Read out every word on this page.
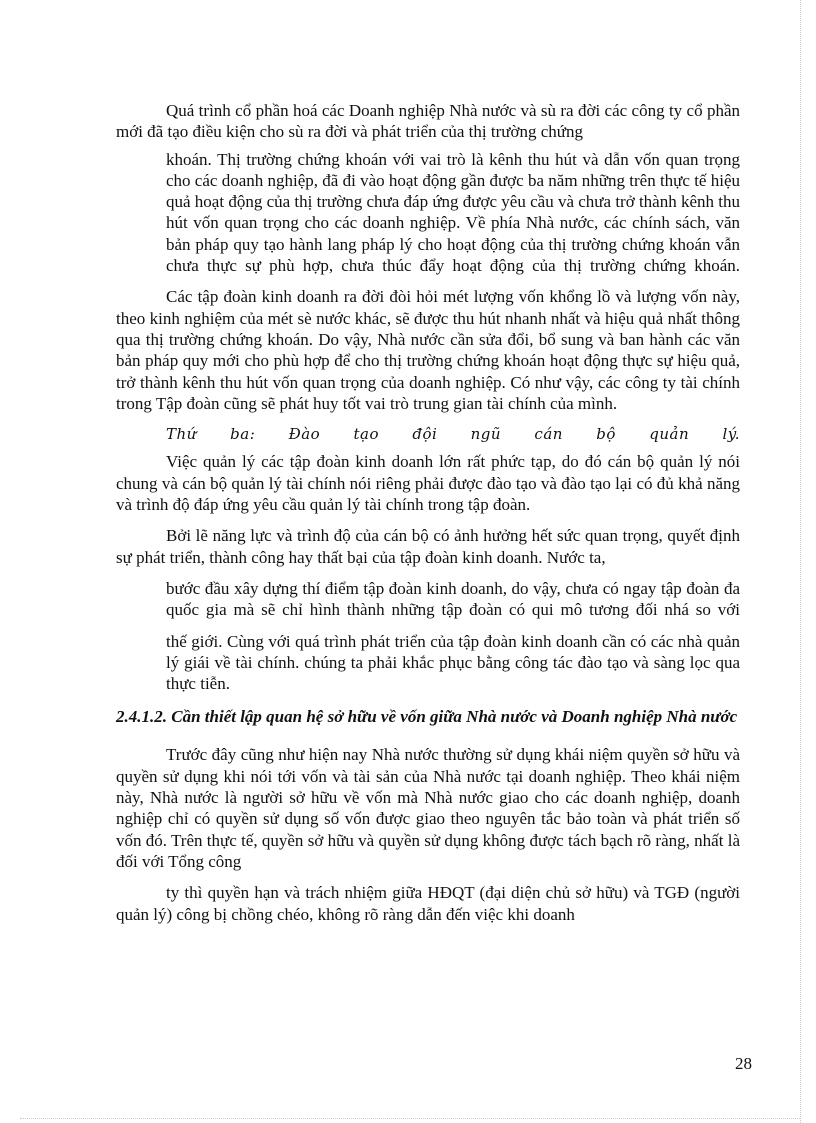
Quá trình cổ phần hoá các Doanh nghiệp Nhà nước và sù ra đời các công ty cổ phần mới đã tạo điều kiện cho sù ra đời và phát triển của thị trường chứng

khoán. Thị trường chứng khoán với vai trò là kênh thu hút và dẫn vốn quan trọng cho các doanh nghiệp, đã đi vào hoạt động gần được ba năm những trên thực tế hiệu quả hoạt động của thị trường chưa đáp ứng được yêu cầu và chưa trở thành kênh thu hút vốn quan trọng cho các doanh nghiệp. Về phía Nhà nước, các chính sách, văn bản pháp quy tạo hành lang pháp lý cho hoạt động của thị trường chứng khoán vẫn chưa thực sự phù hợp, chưa thúc đẩy hoạt động của thị trường chứng khoán.

Các tập đoàn kinh doanh ra đời đòi hỏi mét lượng vốn khổng lồ và lượng vốn này, theo kinh nghiệm của mét sè nước khác, sẽ được thu hút nhanh nhất và hiệu quả nhất thông qua thị trường chứng khoán. Do vậy, Nhà nước cần sửa đổi, bổ sung và ban hành các văn bản pháp quy mới cho phù hợp để cho thị trường chứng khoán hoạt động thực sự hiệu quả, trở thành kênh thu hút vốn quan trọng của doanh nghiệp. Có như vậy, các công ty tài chính trong Tập đoàn cũng sẽ phát huy tốt vai trò trung gian tài chính của mình.

Thứ ba: Đào tạo đội ngũ cán bộ quản lý.

Việc quản lý các tập đoàn kinh doanh lớn rất phức tạp, do đó cán bộ quản lý nói chung và cán bộ quản lý tài chính nói riêng phải được đào tạo và đào tạo lại có đủ khả năng và trình độ đáp ứng yêu cầu quản lý tài chính trong tập đoàn.

Bởi lẽ năng lực và trình độ của cán bộ có ảnh hưởng hết sức quan trọng, quyết định sự phát triển, thành công hay thất bại của tập đoàn kinh doanh. Nước ta,

bước đầu xây dựng thí điểm tập đoàn kinh doanh, do vậy, chưa có ngay tập đoàn đa quốc gia mà sẽ chỉ hình thành những tập đoàn có qui mô tương đối nhá so với

thế giới. Cùng với quá trình phát triển của tập đoàn kinh doanh cần có các nhà quản lý giái về tài chính. chúng ta phải khắc phục bằng công tác đào tạo và sàng lọc qua thực tiễn.

2.4.1.2. Cần thiết lập quan hệ sở hữu về vốn giữa Nhà nước và Doanh nghiệp Nhà nước

Trước đây cũng như hiện nay Nhà nước thường sử dụng khái niệm quyền sở hữu và quyền sử dụng khi nói tới vốn và tài sản của Nhà nước tại doanh nghiệp. Theo khái niệm này, Nhà nước là người sở hữu về vốn mà Nhà nước giao cho các doanh nghiệp, doanh nghiệp chỉ có quyền sử dụng số vốn được giao theo nguyên tắc bảo toàn và phát triển số vốn đó. Trên thực tế, quyền sở hữu và quyền sử dụng không được tách bạch rõ ràng, nhất là đối với Tổng công

ty thì quyền hạn và trách nhiệm giữa HĐQT (đại diện chủ sở hữu) và TGĐ (người quản lý) công bị chồng chéo, không rõ ràng dẫn đến việc khi doanh

28
